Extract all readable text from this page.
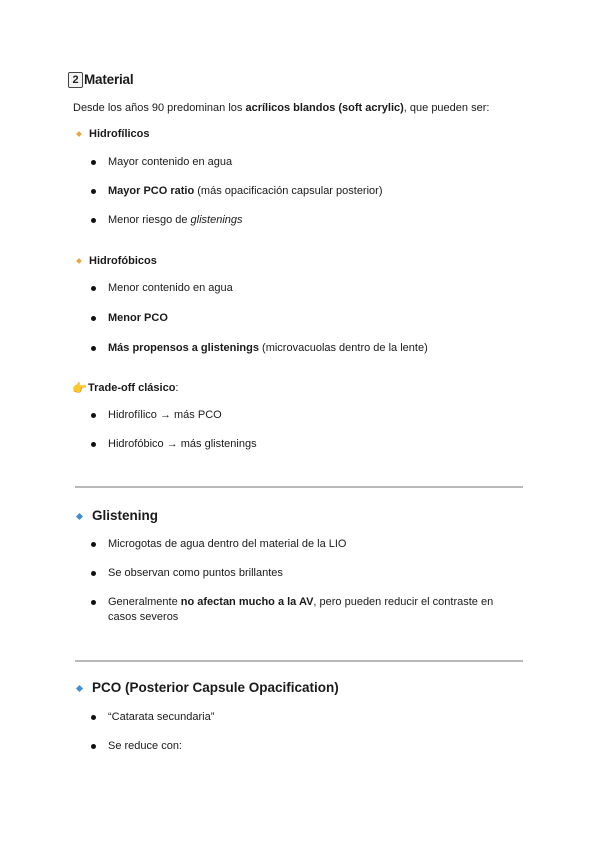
2 Material
Desde los años 90 predominan los acrílicos blandos (soft acrylic), que pueden ser:
Hidrofílicos
Mayor contenido en agua
Mayor PCO ratio (más opacificación capsular posterior)
Menor riesgo de glistenings
Hidrofóbicos
Menor contenido en agua
Menor PCO
Más propensos a glistenings (microvacuolas dentro de la lente)
👉 Trade-off clásico:
Hidrofílico → más PCO
Hidrofóbico → más glistenings
Glistening
Microgotas de agua dentro del material de la LIO
Se observan como puntos brillantes
Generalmente no afectan mucho a la AV, pero pueden reducir el contraste en
casos severos
PCO (Posterior Capsule Opacification)
“Catarata secundaria”
Se reduce con:
